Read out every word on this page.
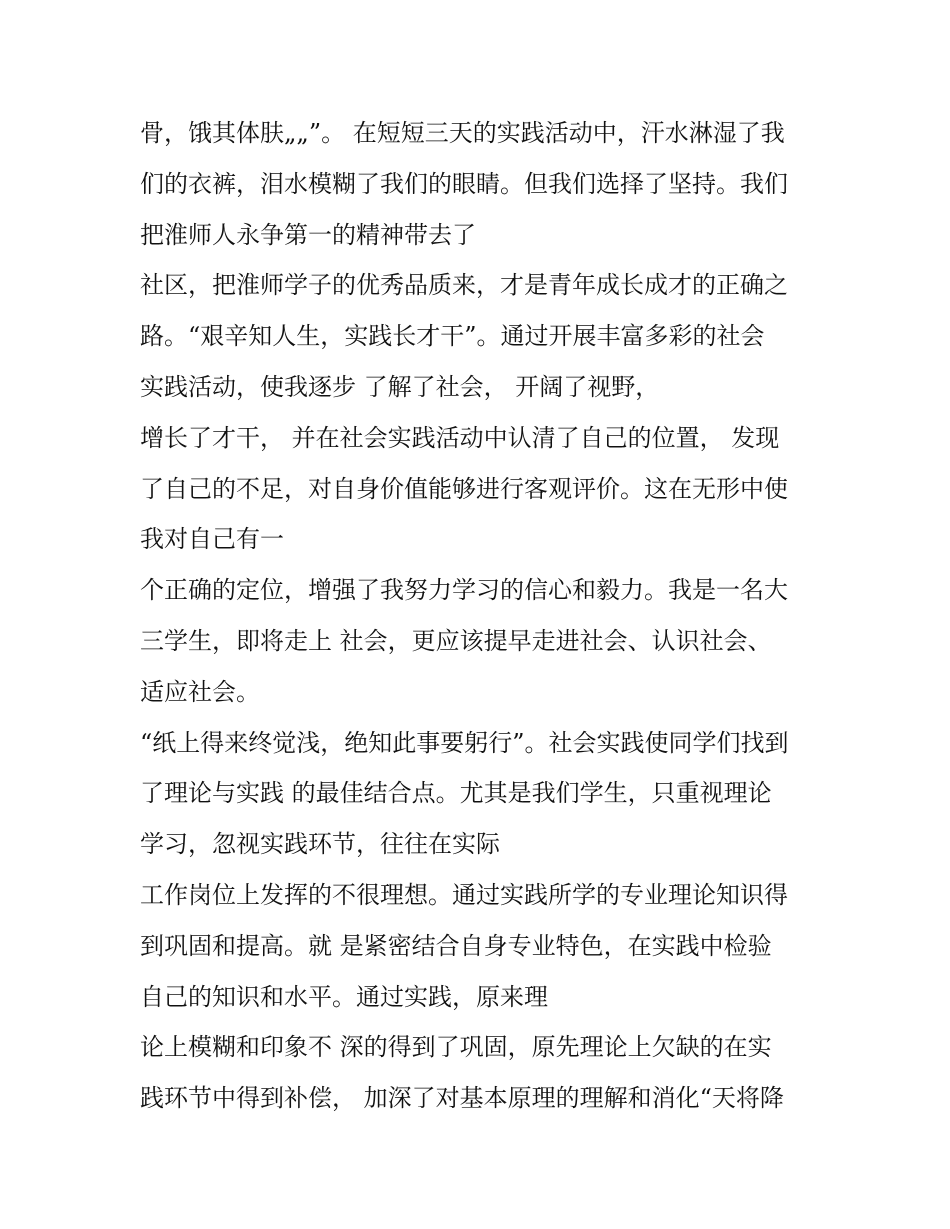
骨，饿其体肤„„”。 在短短三天的实践活动中，汗水淋湿了我
们的衣裤，泪水模糊了我们的眼睛。但我们选择了坚持。我们
把淮师人永争第一的精神带去了
社区，把淮师学子的优秀品质来，才是青年成长成才的正确之
路。“艰辛知人生，实践长才干”。通过开展丰富多彩的社会
实践活动，使我逐步 了解了社会， 开阔了视野，
增长了才干， 并在社会实践活动中认清了自己的位置， 发现
了自己的不足，对自身价值能够进行客观评价。这在无形中使
我对自己有一
个正确的定位，增强了我努力学习的信心和毅力。我是一名大
三学生，即将走上 社会，更应该提早走进社会、认识社会、
适应社会。
“纸上得来终觉浅，绝知此事要躬行”。社会实践使同学们找到
了理论与实践 的最佳结合点。尤其是我们学生，只重视理论
学习，忽视实践环节，往往在实际
工作岗位上发挥的不很理想。通过实践所学的专业理论知识得
到巩固和提高。就 是紧密结合自身专业特色，在实践中检验
自己的知识和水平。通过实践，原来理
论上模糊和印象不 深的得到了巩固，原先理论上欠缺的在实
践环节中得到补偿， 加深了对基本原理的理解和消化“天将降
